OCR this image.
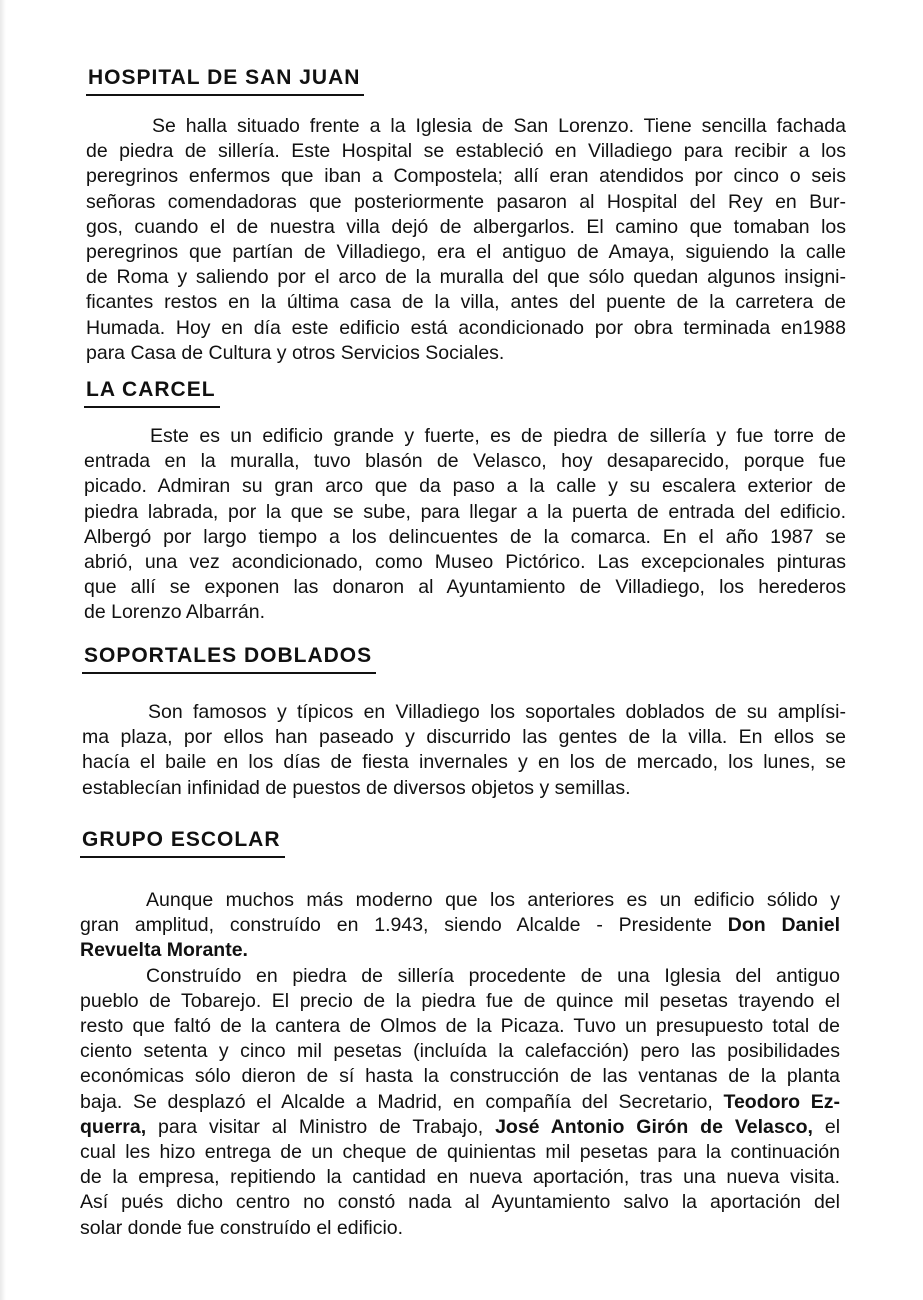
HOSPITAL DE SAN JUAN

Se halla situado frente a la Iglesia de San Lorenzo. Tiene sencilla fachada
de piedra de sillería. Este Hospital se estableció en Villadiego para recibir a los
peregrinos enfermos que iban a Compostela; allí eran atendidos por cinco o seis
señoras comendadoras que posteriormente pasaron al Hospital del Rey en Bur-
gos, cuando el de nuestra villa dejó de albergarlos. El camino que tomaban los
peregrinos que partían de Villadiego, era el antiguo de Amaya, siguiendo la calle
de Roma y saliendo por el arco de la muralla del que sólo quedan algunos insigni-
ficantes restos en la última casa de la villa, antes del puente de la carretera de
Humada. Hoy en día este edificio está acondicionado por obra terminada en1988
para Casa de Cultura y otros Servicios Sociales.

LA CARCEL

Este es un edificio grande y fuerte, es de piedra de sillería y fue torre de
entrada en la muralla, tuvo blasón de Velasco, hoy desaparecido, porque fue
picado. Admiran su gran arco que da paso a la calle y su escalera exterior de
piedra labrada, por la que se sube, para llegar a la puerta de entrada del edificio.
Albergó por largo tiempo a los delincuentes de la comarca. En el año 1987 se
abrió, una vez acondicionado, como Museo Pictórico. Las excepcionales pinturas
que allí se exponen las donaron al Ayuntamiento de Villadiego, los herederos
de Lorenzo Albarrán.

SOPORTALES DOBLADOS

Son famosos y típicos en Villadiego los soportales doblados de su amplísi-
ma plaza, por ellos han paseado y discurrido las gentes de la villa. En ellos se
hacía el baile en los días de fiesta invernales y en los de mercado, los lunes, se
establecían infinidad de puestos de diversos objetos y semillas.

GRUPO ESCOLAR

Aunque muchos más moderno que los anteriores es un edificio sólido y
gran amplitud, construído en 1.943, siendo Alcalde - Presidente Don Daniel
Revuelta Morante.

Construído en piedra de sillería procedente de una Iglesia del antiguo
pueblo de Tobarejo. El precio de la piedra fue de quince mil pesetas trayendo el
resto que faltó de la cantera de Olmos de la Picaza. Tuvo un presupuesto total de
ciento setenta y cinco mil pesetas (incluída la calefacción) pero las posibilidades
económicas sólo dieron de sí hasta la construcción de las ventanas de la planta
baja. Se desplazó el Alcalde a Madrid, en compañía del Secretario, Teodoro Ez-
querra, para visitar al Ministro de Trabajo, José Antonio Girón de Velasco, el
cual les hizo entrega de un cheque de quinientas mil pesetas para la continuación
de la empresa, repitiendo la cantidad en nueva aportación, tras una nueva visita.
Así pués dicho centro no constó nada al Ayuntamiento salvo la aportación del
solar donde fue construído el edificio.
